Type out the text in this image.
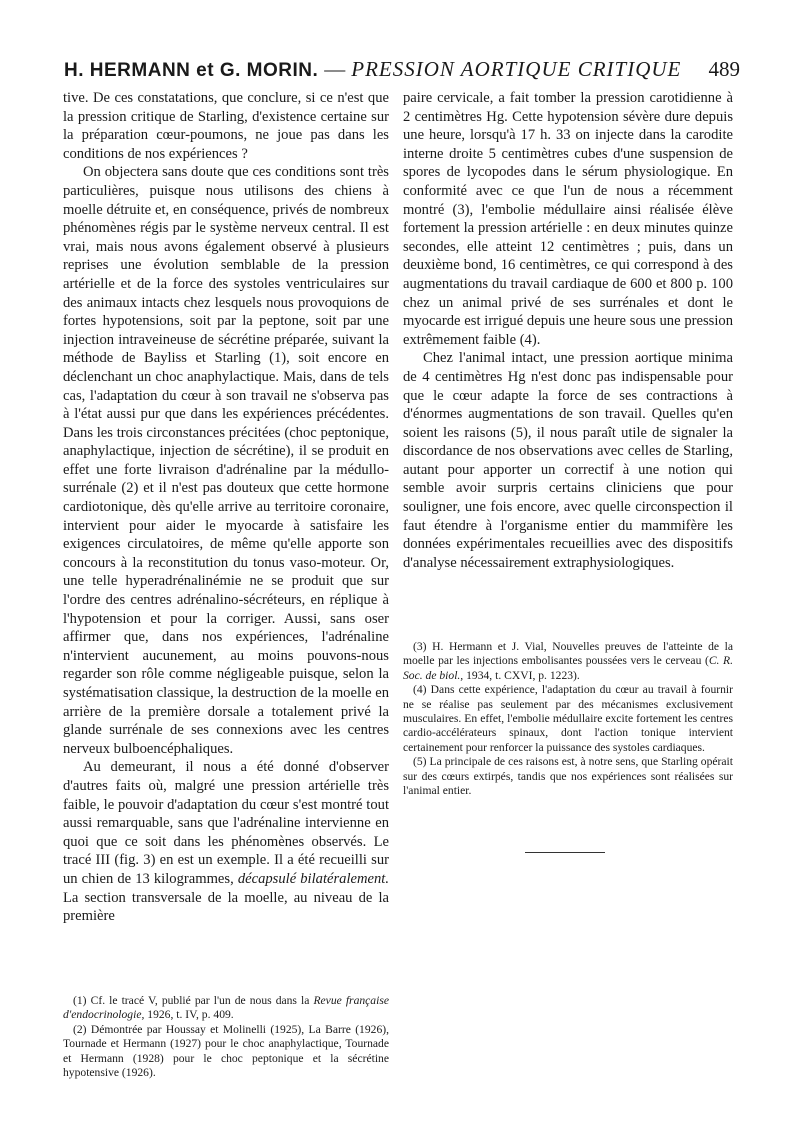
H. HERMANN et G. MORIN. — PRESSION AORTIQUE CRITIQUE 489

tive. De ces constatations, que conclure, si ce n'est que la pression critique de Starling, d'existence certaine sur la préparation cœur-poumons, ne joue pas dans les conditions de nos expériences ?

On objectera sans doute que ces conditions sont très particulières, puisque nous utilisons des chiens à moelle détruite et, en conséquence, privés de nombreux phénomènes régis par le système nerveux central. Il est vrai, mais nous avons également observé à plusieurs reprises une évolution semblable de la pression artérielle et de la force des systoles ventriculaires sur des animaux intacts chez lesquels nous provoquions de fortes hypotensions, soit par la peptone, soit par une injection intraveineuse de sécrétine préparée, suivant la méthode de Bayliss et Starling (1), soit encore en déclenchant un choc anaphylactique. Mais, dans de tels cas, l'adaptation du cœur à son travail ne s'observa pas à l'état aussi pur que dans les expériences précédentes. Dans les trois circonstances précitées (choc peptonique, anaphylactique, injection de sécrétine), il se produit en effet une forte livraison d'adrénaline par la médullo-surrénale (2) et il n'est pas douteux que cette hormone cardiotonique, dès qu'elle arrive au territoire coronaire, intervient pour aider le myocarde à satisfaire les exigences circulatoires, de même qu'elle apporte son concours à la reconstitution du tonus vaso-moteur. Or, une telle hyperadrénalinémie ne se produit que sur l'ordre des centres adrénalino-sécréteurs, en réplique à l'hypotension et pour la corriger. Aussi, sans oser affirmer que, dans nos expériences, l'adrénaline n'intervient aucunement, au moins pouvons-nous regarder son rôle comme négligeable puisque, selon la systématisation classique, la destruction de la moelle en arrière de la première dorsale a totalement privé la glande surrénale de ses connexions avec les centres nerveux bulboencéphaliques.

Au demeurant, il nous a été donné d'observer d'autres faits où, malgré une pression artérielle très faible, le pouvoir d'adaptation du cœur s'est montré tout aussi remarquable, sans que l'adrénaline intervienne en quoi que ce soit dans les phénomènes observés. Le tracé III (fig. 3) en est un exemple. Il a été recueilli sur un chien de 13 kilogrammes, décapsulé bilatéralement. La section transversale de la moelle, au niveau de la première

paire cervicale, a fait tomber la pression carotidienne à 2 centimètres Hg. Cette hypotension sévère dure depuis une heure, lorsqu'à 17 h. 33 on injecte dans la carodite interne droite 5 centimètres cubes d'une suspension de spores de lycopodes dans le sérum physiologique. En conformité avec ce que l'un de nous a récemment montré (3), l'embolie médullaire ainsi réalisée élève fortement la pression artérielle : en deux minutes quinze secondes, elle atteint 12 centimètres ; puis, dans un deuxième bond, 16 centimètres, ce qui correspond à des augmentations du travail cardiaque de 600 et 800 p. 100 chez un animal privé de ses surrénales et dont le myocarde est irrigué depuis une heure sous une pression extrêmement faible (4).

Chez l'animal intact, une pression aortique minima de 4 centimètres Hg n'est donc pas indispensable pour que le cœur adapte la force de ses contractions à d'énormes augmentations de son travail. Quelles qu'en soient les raisons (5), il nous paraît utile de signaler la discordance de nos observations avec celles de Starling, autant pour apporter un correctif à une notion qui semble avoir surpris certains cliniciens que pour souligner, une fois encore, avec quelle circonspection il faut étendre à l'organisme entier du mammifère les données expérimentales recueillies avec des dispositifs d'analyse nécessairement extraphysiologiques.

(3) H. Hermann et J. Vial, Nouvelles preuves de l'atteinte de la moelle par les injections embolisantes poussées vers le cerveau (C. R. Soc. de biol., 1934, t. CXVI, p. 1223).

(4) Dans cette expérience, l'adaptation du cœur au travail à fournir ne se réalise pas seulement par des mécanismes exclusivement musculaires. En effet, l'embolie médullaire excite fortement les centres cardio-accélérateurs spinaux, dont l'action tonique intervient certainement pour renforcer la puissance des systoles cardiaques.

(5) La principale de ces raisons est, à notre sens, que Starling opérait sur des cœurs extirpés, tandis que nos expériences sont réalisées sur l'animal entier.

(1) Cf. le tracé V, publié par l'un de nous dans la Revue française d'endocrinologie, 1926, t. IV, p. 409.

(2) Démontrée par Houssay et Molinelli (1925), La Barre (1926), Tournade et Hermann (1927) pour le choc anaphylactique, Tournade et Hermann (1928) pour le choc peptonique et la sécrétine hypotensive (1926).
